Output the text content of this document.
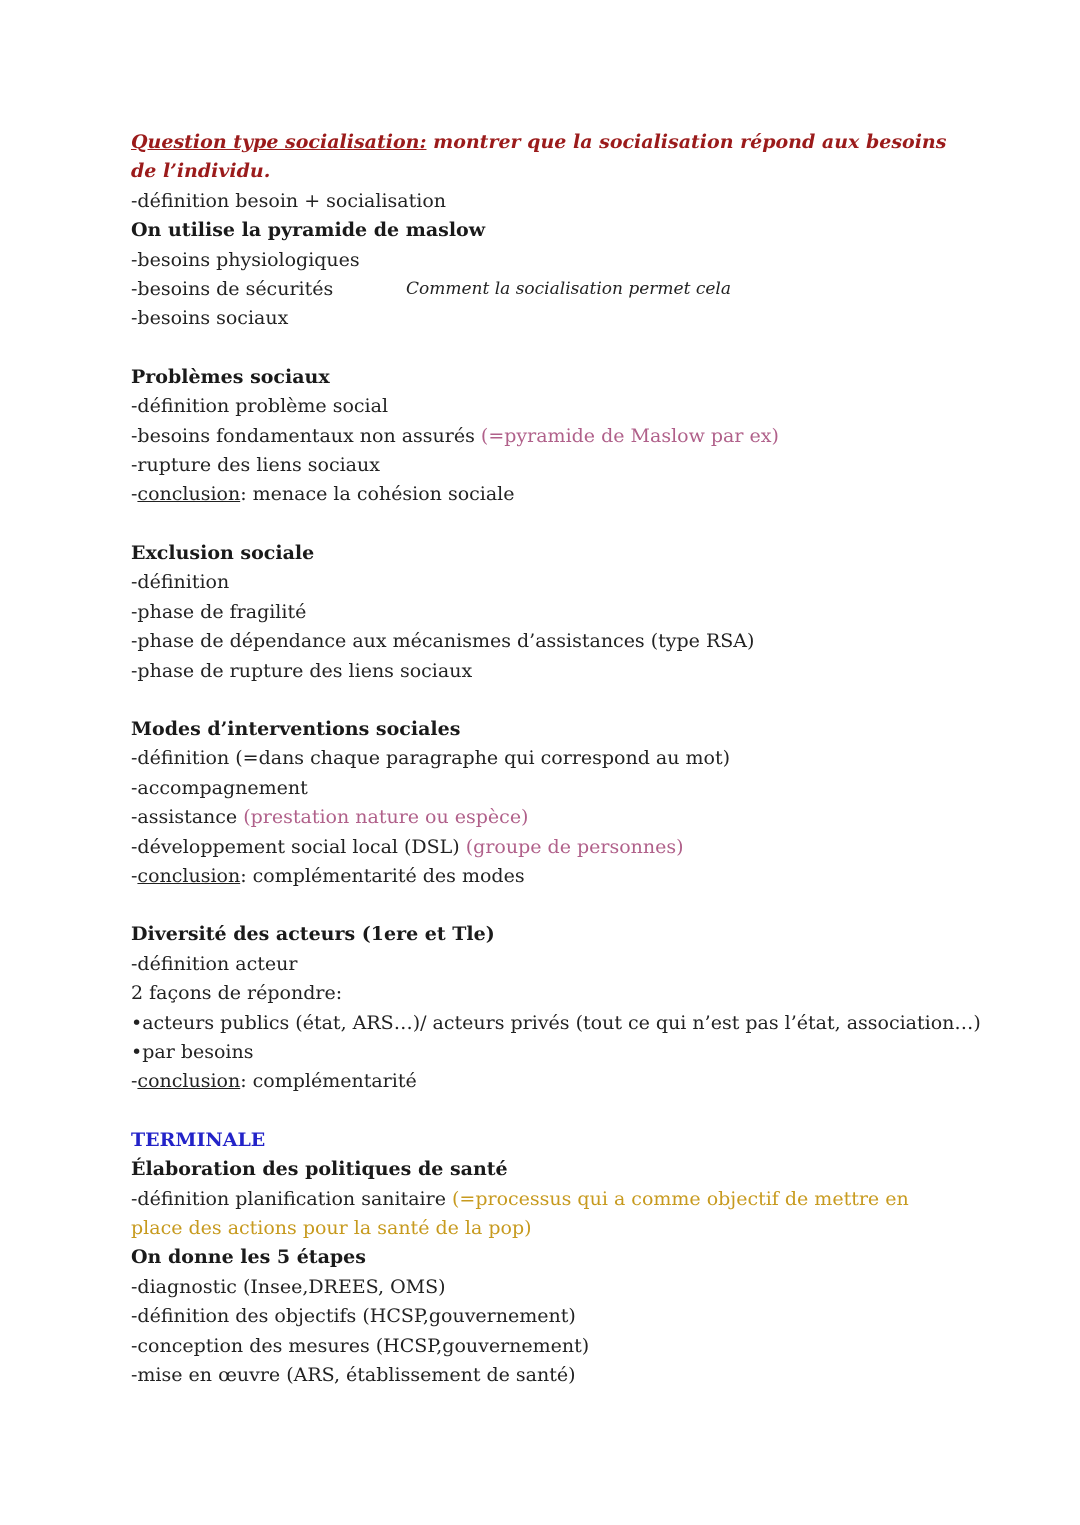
Question type socialisation: montrer que la socialisation répond aux besoins de l’individu.
-définition besoin + socialisation
On utilise la pyramide de maslow
-besoins physiologiques
-besoins de sécurités	Comment la socialisation permet cela
-besoins sociaux
Problèmes sociaux
-définition problème social
-besoins fondamentaux non assurés (=pyramide de Maslow par ex)
-rupture des liens sociaux
-conclusion: menace la cohésion sociale
Exclusion sociale
-définition
-phase de fragilité
-phase de dépendance aux mécanismes d’assistances (type RSA)
-phase de rupture des liens sociaux
Modes d’interventions sociales
-définition (=dans chaque paragraphe qui correspond au mot)
-accompagnement
-assistance (prestation nature ou espèce)
-développement social local (DSL) (groupe de personnes)
-conclusion: complémentarité des modes
Diversité des acteurs (1ere et Tle)
-définition acteur
2 façons de répondre:
•acteurs publics (état, ARS…)/ acteurs privés (tout ce qui n’est pas l’état, association…)
•par besoins
-conclusion: complémentarité
TERMINALE
Élaboration des politiques de santé
-définition planification sanitaire (=processus qui a comme objectif de mettre en place des actions pour la santé de la pop)
On donne les 5 étapes
-diagnostic (Insee,DREES, OMS)
-définition des objectifs (HCSP,gouvernement)
-conception des mesures (HCSP,gouvernement)
-mise en œuvre (ARS, établissement de santé)
